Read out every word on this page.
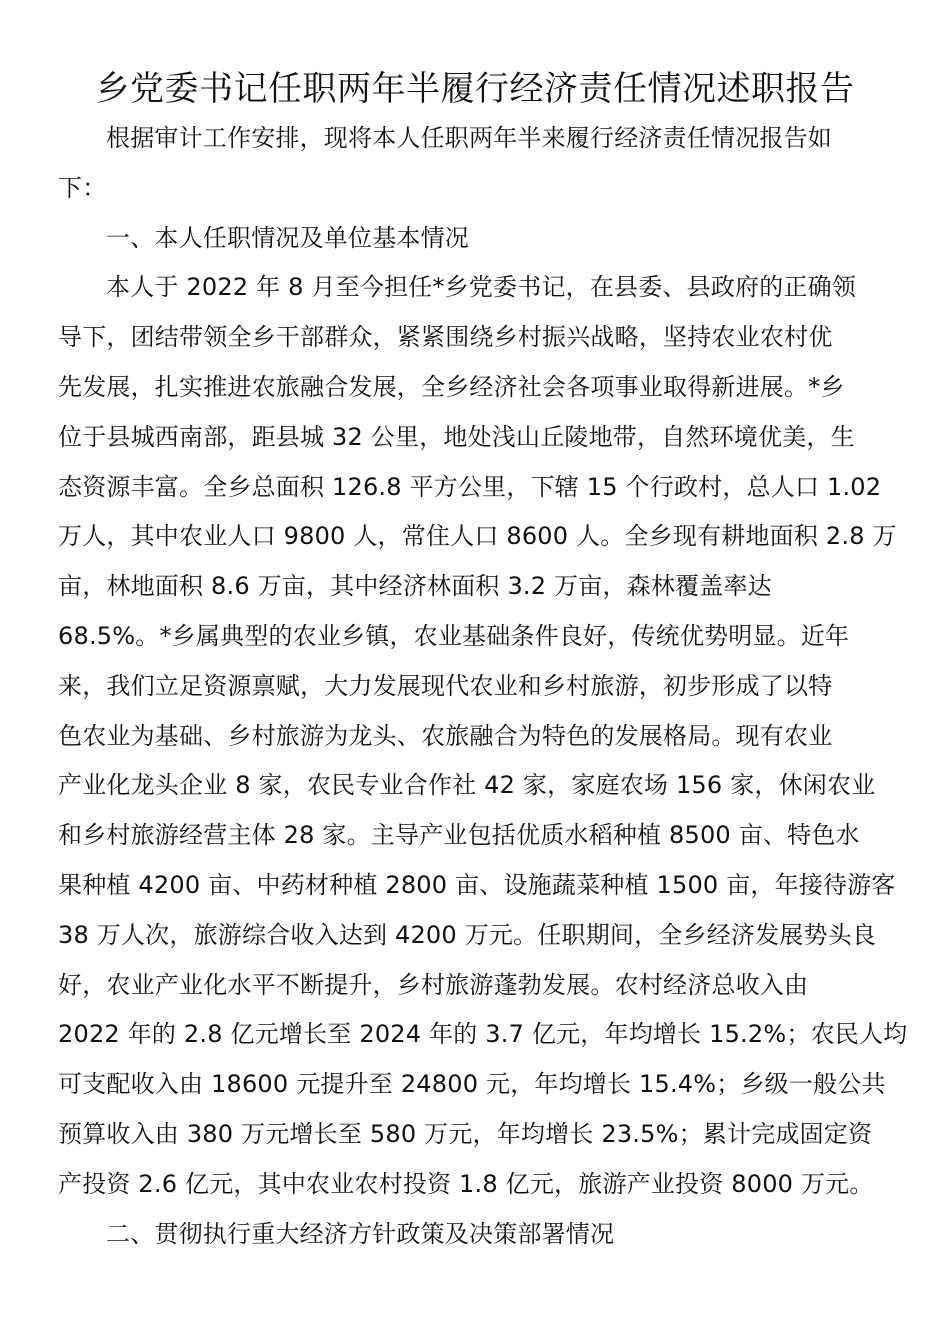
乡党委书记任职两年半履行经济责任情况述职报告
根据审计工作安排，现将本人任职两年半来履行经济责任情况报告如
下：
一、本人任职情况及单位基本情况
本人于 2022 年 8 月至今担任*乡党委书记，在县委、县政府的正确领
导下，团结带领全乡干部群众，紧紧围绕乡村振兴战略，坚持农业农村优
先发展，扎实推进农旅融合发展，全乡经济社会各项事业取得新进展。*乡
位于县城西南部，距县城 32 公里，地处浅山丘陵地带，自然环境优美，生
态资源丰富。全乡总面积 126.8 平方公里，下辖 15 个行政村，总人口 1.02
万人，其中农业人口 9800 人，常住人口 8600 人。全乡现有耕地面积 2.8 万
亩，林地面积 8.6 万亩，其中经济林面积 3.2 万亩，森林覆盖率达
68.5%。*乡属典型的农业乡镇，农业基础条件良好，传统优势明显。近年
来，我们立足资源禀赋，大力发展现代农业和乡村旅游，初步形成了以特
色农业为基础、乡村旅游为龙头、农旅融合为特色的发展格局。现有农业
产业化龙头企业 8 家，农民专业合作社 42 家，家庭农场 156 家，休闲农业
和乡村旅游经营主体 28 家。主导产业包括优质水稻种植 8500 亩、特色水
果种植 4200 亩、中药材种植 2800 亩、设施蔬菜种植 1500 亩，年接待游客
38 万人次，旅游综合收入达到 4200 万元。任职期间，全乡经济发展势头良
好，农业产业化水平不断提升，乡村旅游蓬勃发展。农村经济总收入由
2022 年的 2.8 亿元增长至 2024 年的 3.7 亿元，年均增长 15.2%；农民人均
可支配收入由 18600 元提升至 24800 元，年均增长 15.4%；乡级一般公共
预算收入由 380 万元增长至 580 万元，年均增长 23.5%；累计完成固定资
产投资 2.6 亿元，其中农业农村投资 1.8 亿元，旅游产业投资 8000 万元。
二、贯彻执行重大经济方针政策及决策部署情况
